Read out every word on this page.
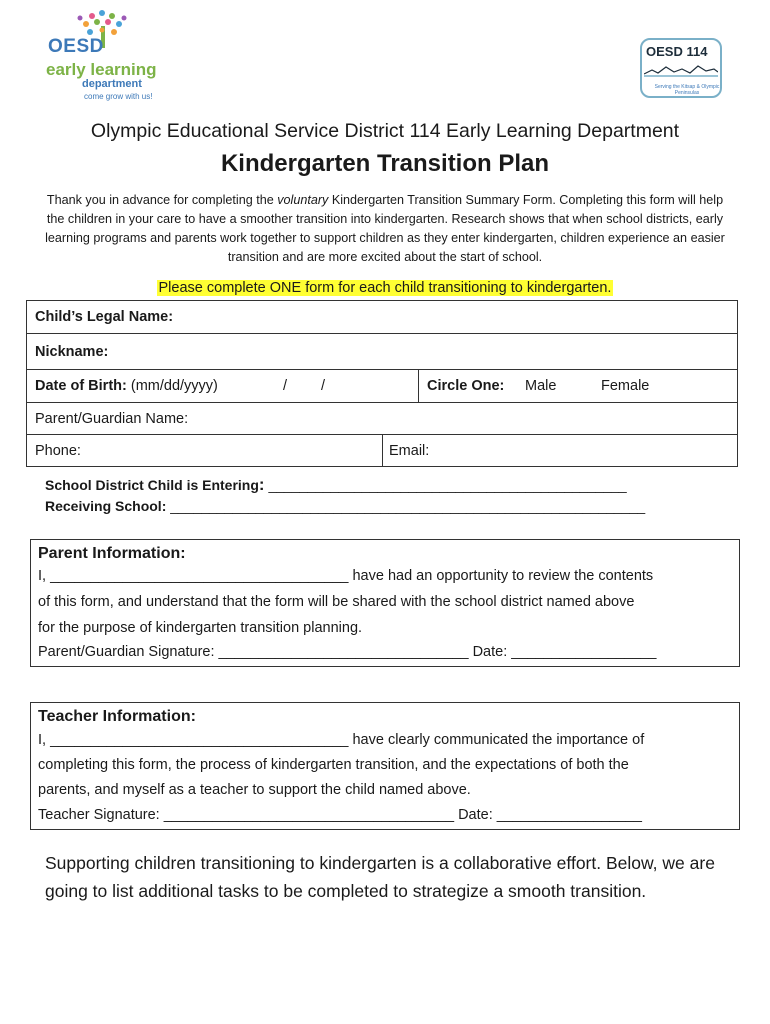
OESD
early learning
department
come grow with us!
OESD 114
Serving the Kitsap & Olympic Peninsulas
Olympic Educational Service District 114 Early Learning Department
Kindergarten Transition Plan
Thank you in advance for completing the voluntary Kindergarten Transition Summary Form. Completing this form will help the children in your care to have a smoother transition into kindergarten. Research shows that when school districts, early learning programs and parents work together to support children as they enter kindergarten, children experience an easier transition and are more excited about the start of school.
Please complete ONE form for each child transitioning to kindergarten.
Child’s Legal Name:
Nickname:
Date of Birth: (mm/dd/yyyy)	/ /	Circle One: Male	Female
Parent/Guardian Name:
Phone:	Email:
School District Child is Entering: ______________________________________________
Receiving School: _____________________________________________________________
Parent Information:
I, _____________________________________ have had an opportunity to review the contents
of this form, and understand that the form will be shared with the school district named above
for the purpose of kindergarten transition planning.
Parent/Guardian Signature: _______________________________ Date: __________________
Teacher Information:
I, _____________________________________ have clearly communicated the importance of
completing this form, the process of kindergarten transition, and the expectations of both the
parents, and myself as a teacher to support the child named above.
Teacher Signature: ____________________________________ Date: __________________
Supporting children transitioning to kindergarten is a collaborative effort. Below, we are going to list additional tasks to be completed to strategize a smooth transition.
